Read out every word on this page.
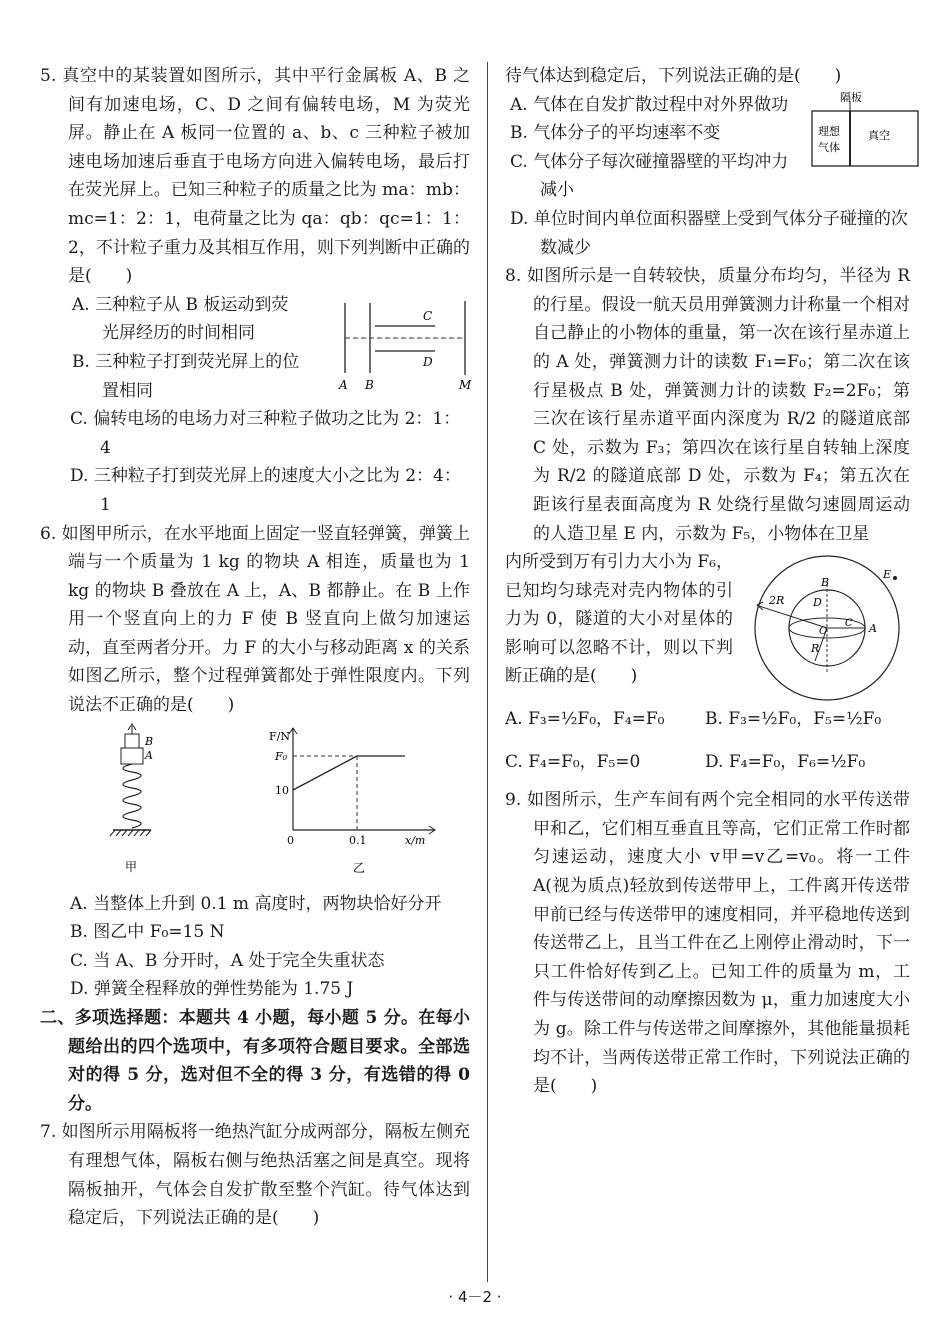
5. 真空中的某装置如图所示，其中平行金属板 A、B 之间有加速电场，C、D 之间有偏转电场，M 为荧光屏。静止在 A 板同一位置的 a、b、c 三种粒子被加速电场加速后垂直于电场方向进入偏转电场，最后打在荧光屏上。已知三种粒子的质量之比为 ma：mb：mc=1：2：1，电荷量之比为 qa：qb：qc=1：1：2，不计粒子重力及其相互作用，则下列判断中正确的是(　　)

A. 三种粒子从 B 板运动到荧光屏经历的时间相同

B. 三种粒子打到荧光屏上的位置相同

C
D
A B	M

C. 偏转电场的电场力对三种粒子做功之比为 2：1：4

D. 三种粒子打到荧光屏上的速度大小之比为 2：4：1

6. 如图甲所示，在水平地面上固定一竖直轻弹簧，弹簧上端与一个质量为 1 kg 的物块 A 相连，质量也为 1 kg 的物块 B 叠放在 A 上，A、B 都静止。在 B 上作用一个竖直向上的力 F 使 B 竖直向上做匀加速运动，直至两者分开。力 F 的大小与移动距离 x 的关系如图乙所示，整个过程弹簧都处于弹性限度内。下列说法不正确的是(　　)

B
A
甲
F/N
F₀
10
0	0.1	x/m
乙

A. 当整体上升到 0.1 m 高度时，两物块恰好分开

B. 图乙中 F₀=15 N

C. 当 A、B 分开时，A 处于完全失重状态

D. 弹簧全程释放的弹性势能为 1.75 J

二、多项选择题：本题共 4 小题，每小题 5 分。在每小题给出的四个选项中，有多项符合题目要求。全部选对的得 5 分，选对但不全的得 3 分，有选错的得 0 分。

7. 如图所示用隔板将一绝热汽缸分成两部分，隔板左侧充有理想气体，隔板右侧与绝热活塞之间是真空。现将隔板抽开，气体会自发扩散至整个汽缸。待气体达到稳定后，下列说法正确的是(　　)

待气体达到稳定后，下列说法正确的是(　　)

A. 气体在自发扩散过程中对外界做功

B. 气体分子的平均速率不变

C. 气体分子每次碰撞器壁的平均冲力减小

隔板
理想
气体
真空

D. 单位时间内单位面积器壁上受到气体分子碰撞的次数减少

8. 如图所示是一自转较快，质量分布均匀，半径为 R 的行星。假设一航天员用弹簧测力计称量一个相对自己静止的小物体的重量，第一次在该行星赤道上的 A 处，弹簧测力计的读数 F₁=F₀；第二次在该行星极点 B 处，弹簧测力计的读数 F₂=2F₀；第三次在该行星赤道平面内深度为 R/2 的隧道底部 C 处，示数为 F₃；第四次在该行星自转轴上深度为 R/2 的隧道底部 D 处，示数为 F₄；第五次在距该行星表面高度为 R 处绕行星做匀速圆周运动的人造卫星 E 内，示数为 F₅，小物体在卫星

内所受到万有引力大小为 F₆，已知均匀球壳对壳内物体的引力为 0，隧道的大小对星体的影响可以忽略不计，则以下判断正确的是(　　)

2R
B
D
C
O	A
R
E

A. F₃=½F₀，F₄=F₀	B. F₃=½F₀，F₅=½F₀

C. F₄=F₀，F₅=0	D. F₄=F₀，F₆=½F₀

9. 如图所示，生产车间有两个完全相同的水平传送带甲和乙，它们相互垂直且等高，它们正常工作时都匀速运动，速度大小 v甲=v乙=v₀。将一工件 A(视为质点)轻放到传送带甲上，工件离开传送带甲前已经与传送带甲的速度相同，并平稳地传送到传送带乙上，且当工件在乙上刚停止滑动时，下一只工件恰好传到乙上。已知工件的质量为 m，工件与传送带间的动摩擦因数为 μ，重力加速度大小为 g。除工件与传送带之间摩擦外，其他能量损耗均不计，当两传送带正常工作时，下列说法正确的是(　　)

· 4－2 ·
